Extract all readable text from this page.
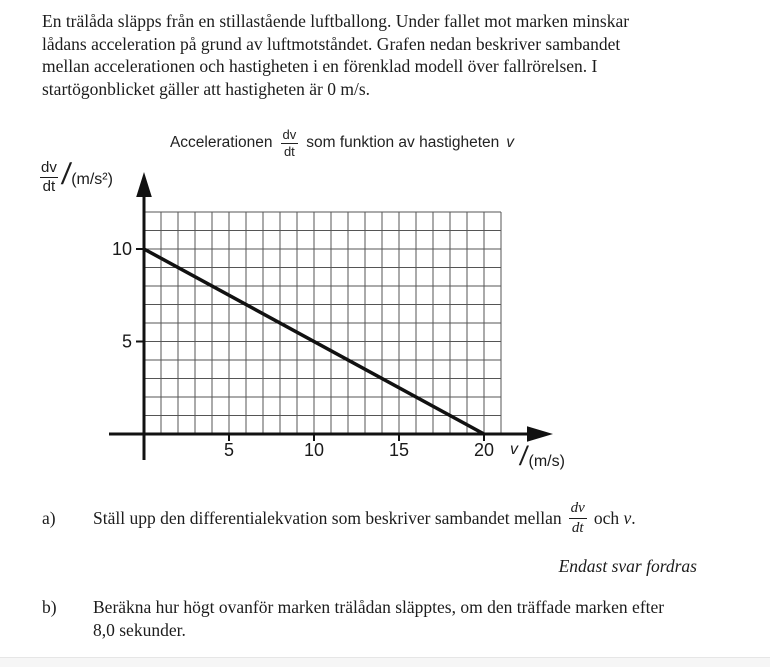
En trälåda släpps från en stillastående luftballong. Under fallet mot marken minskar
lådans acceleration på grund av luftmotståndet. Grafen nedan beskriver sambandet
mellan accelerationen och hastigheten i en förenklad modell över fallrörelsen. I
startögonblicket gäller att hastigheten är 0 m/s.
Accelerationen $\frac{dv}{dt}$ som funktion av hastigheten v
$\frac{dv}{dt}$ /
(m/s²)
5	10	15	20
5
10
v /
(m/s)
a)	Ställ upp den differentialekvation som beskriver sambandet mellan $\frac{dv}{dt}$ och v.
Endast svar fordras
b)	Beräkna hur högt ovanför marken trälådan släpptes, om den träffade marken efter
8,0 sekunder.
